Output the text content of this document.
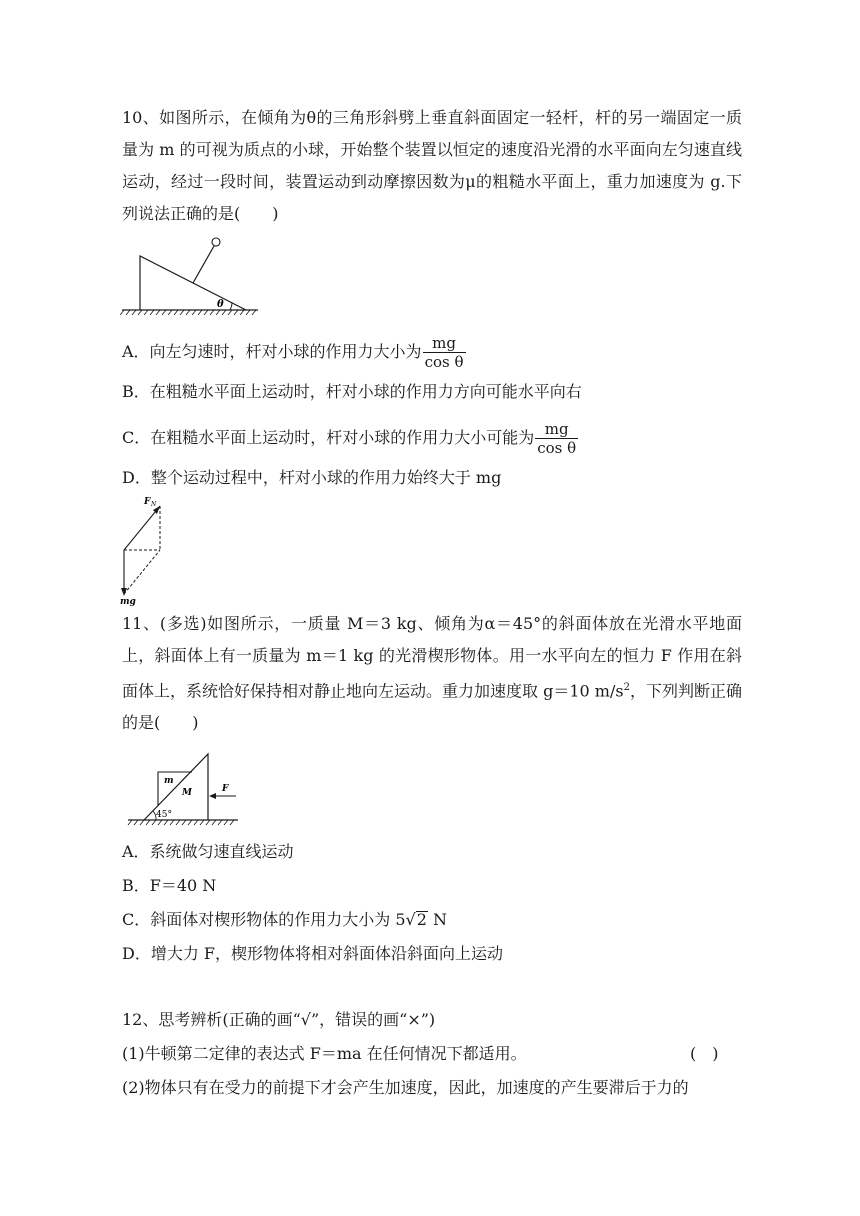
10、如图所示，在倾角为θ的三角形斜劈上垂直斜面固定一轻杆，杆的另一端固定一质量为 m 的可视为质点的小球，开始整个装置以恒定的速度沿光滑的水平面向左匀速直线运动，经过一段时间，装置运动到动摩擦因数为μ的粗糙水平面上，重力加速度为 g.下列说法正确的是(　　)

θ
A．向左匀速时，杆对小球的作用力大小为 $\frac{mg}{\text{cos θ}}$
B．在粗糙水平面上运动时，杆对小球的作用力方向可能水平向右
C．在粗糙水平面上运动时，杆对小球的作用力大小可能为 $\frac{mg}{\text{cos θ}}$
D．整个运动过程中，杆对小球的作用力始终大于 mg
F N
mg

11、(多选)如图所示，一质量 M＝3 kg、倾角为α＝45°的斜面体放在光滑水平地面上，斜面体上有一质量为 m＝1 kg 的光滑楔形物体。用一水平向左的恒力 F 作用在斜面体上，系统恰好保持相对静止地向左运动。重力加速度取 g＝10 $m/s^2$，下列判断正确的是(　　)

m
M
45°
F
A．系统做匀速直线运动
B．F＝40 N
C．斜面体对楔形物体的作用力大小为 5√2 N
D．增大力 F，楔形物体将相对斜面体沿斜面向上运动
12、思考辨析(正确的画“√”，错误的画“×”)
(1)牛顿第二定律的表达式 F＝ma 在任何情况下都适用。	(　)
(2)物体只有在受力的前提下才会产生加速度，因此，加速度的产生要滞后于力的
